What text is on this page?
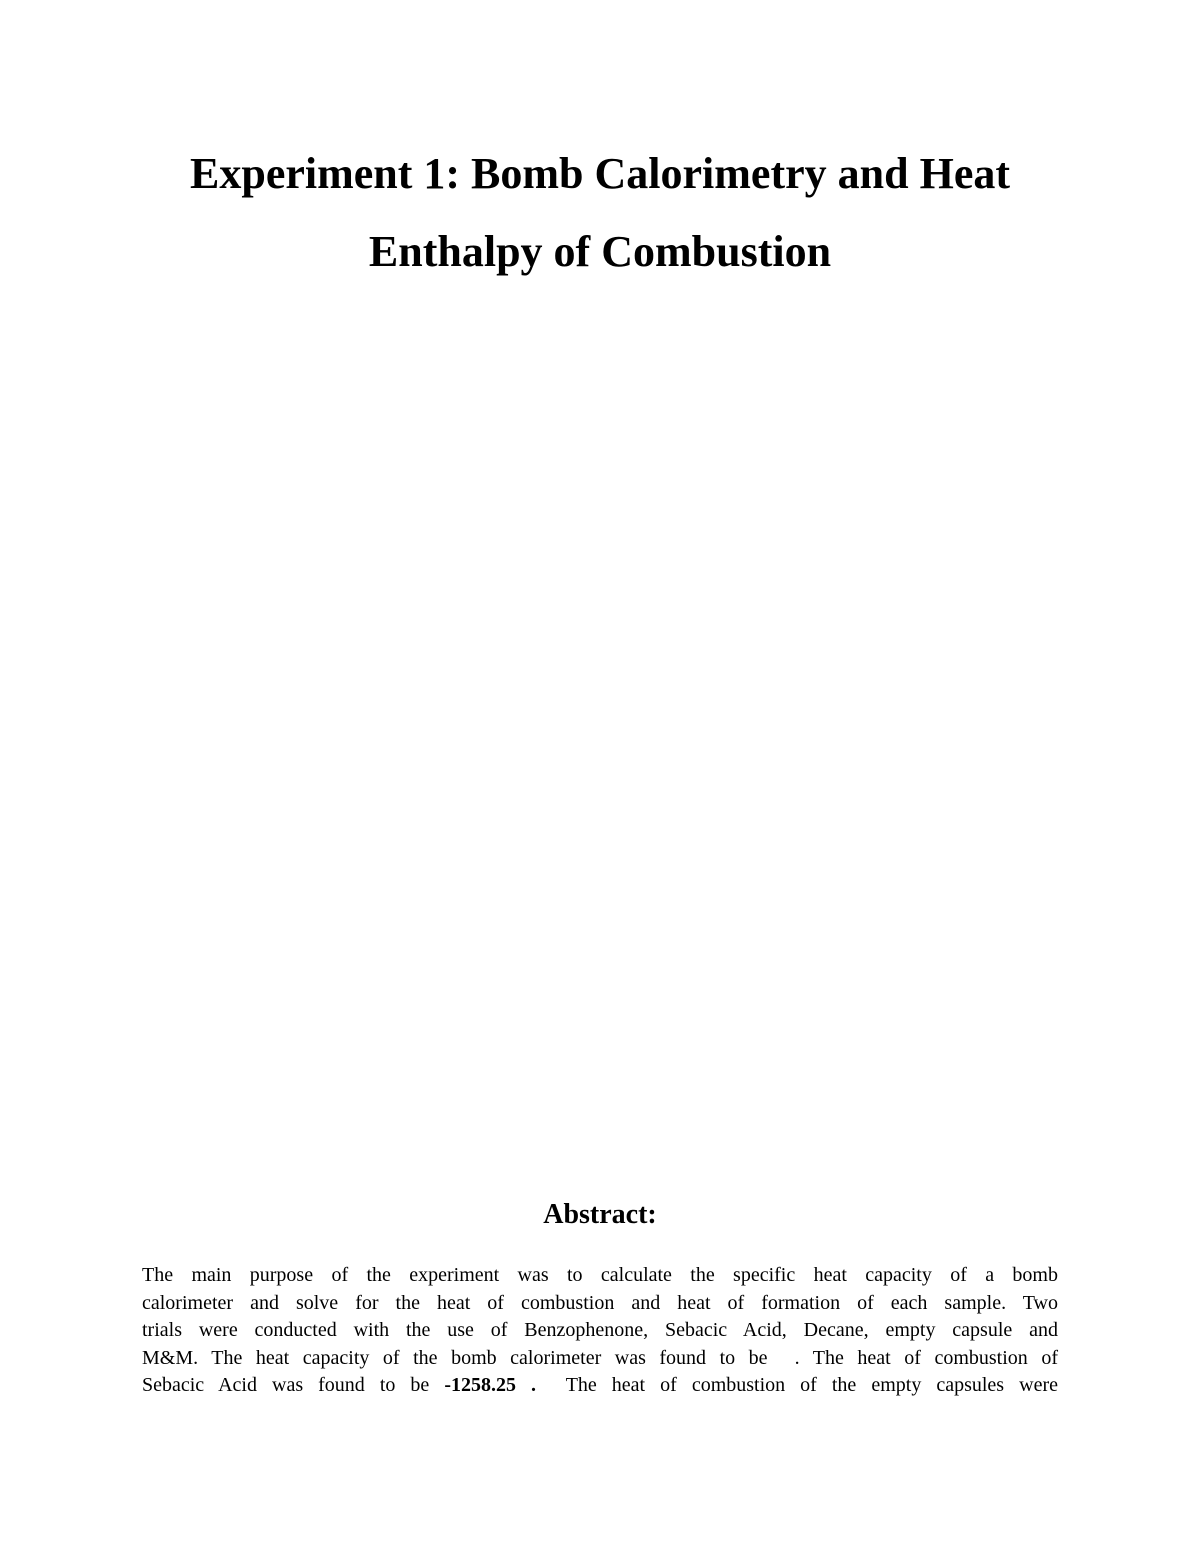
Experiment 1: Bomb Calorimetry and Heat
Enthalpy of Combustion
Abstract:
The main purpose of the experiment was to calculate the specific heat capacity of a bomb
calorimeter and solve for the heat of combustion and heat of formation of each sample. Two
trials were conducted with the use of Benzophenone, Sebacic Acid, Decane, empty capsule and
M&M. The heat capacity of the bomb calorimeter was found to be  . The heat of combustion of
Sebacic Acid was found to be -1258.25 .  The heat of combustion of the empty capsules were
